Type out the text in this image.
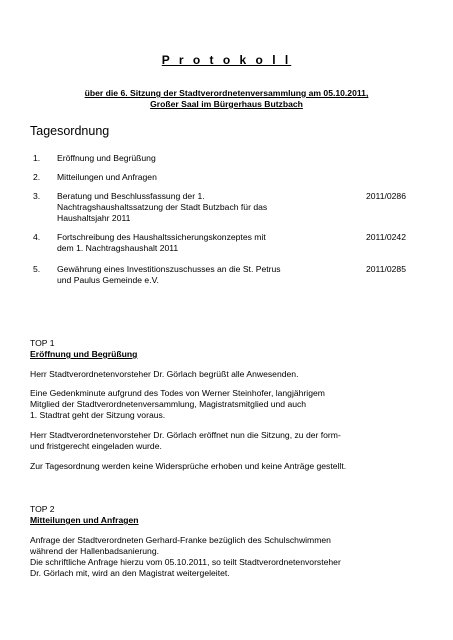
P r o t o k o l l
über die 6. Sitzung der Stadtverordnetenversammlung am 05.10.2011,
Großer Saal im Bürgerhaus Butzbach
Tagesordnung
1. Eröffnung und Begrüßung
2. Mitteilungen und Anfragen
3. Beratung und Beschlussfassung der 1.
Nachtragshaushaltssatzung der Stadt Butzbach für das
Haushaltsjahr 2011
2011/0286
4. Fortschreibung des Haushaltssicherungskonzeptes mit
dem 1. Nachtragshaushalt 2011
2011/0242
5. Gewährung eines Investitionszuschusses an die St. Petrus
und Paulus Gemeinde e.V.
2011/0285
TOP 1
Eröffnung und Begrüßung
Herr Stadtverordnetenvorsteher Dr. Görlach begrüßt alle Anwesenden.
Eine Gedenkminute aufgrund des Todes von Werner Steinhofer, langjährigem
Mitglied der Stadtverordnetenversammlung, Magistratsmitglied und auch
1. Stadtrat geht der Sitzung voraus.
Herr Stadtverordnetenvorsteher Dr. Görlach eröffnet nun die Sitzung, zu der form-
und fristgerecht eingeladen wurde.
Zur Tagesordnung werden keine Widersprüche erhoben und keine Anträge gestellt.
TOP 2
Mitteilungen und Anfragen
Anfrage der Stadtverordneten Gerhard-Franke bezüglich des Schulschwimmen
während der Hallenbadsanierung.
Die schriftliche Anfrage hierzu vom 05.10.2011, so teilt Stadtverordnetenvorsteher
Dr. Görlach mit, wird an den Magistrat weitergeleitet.
